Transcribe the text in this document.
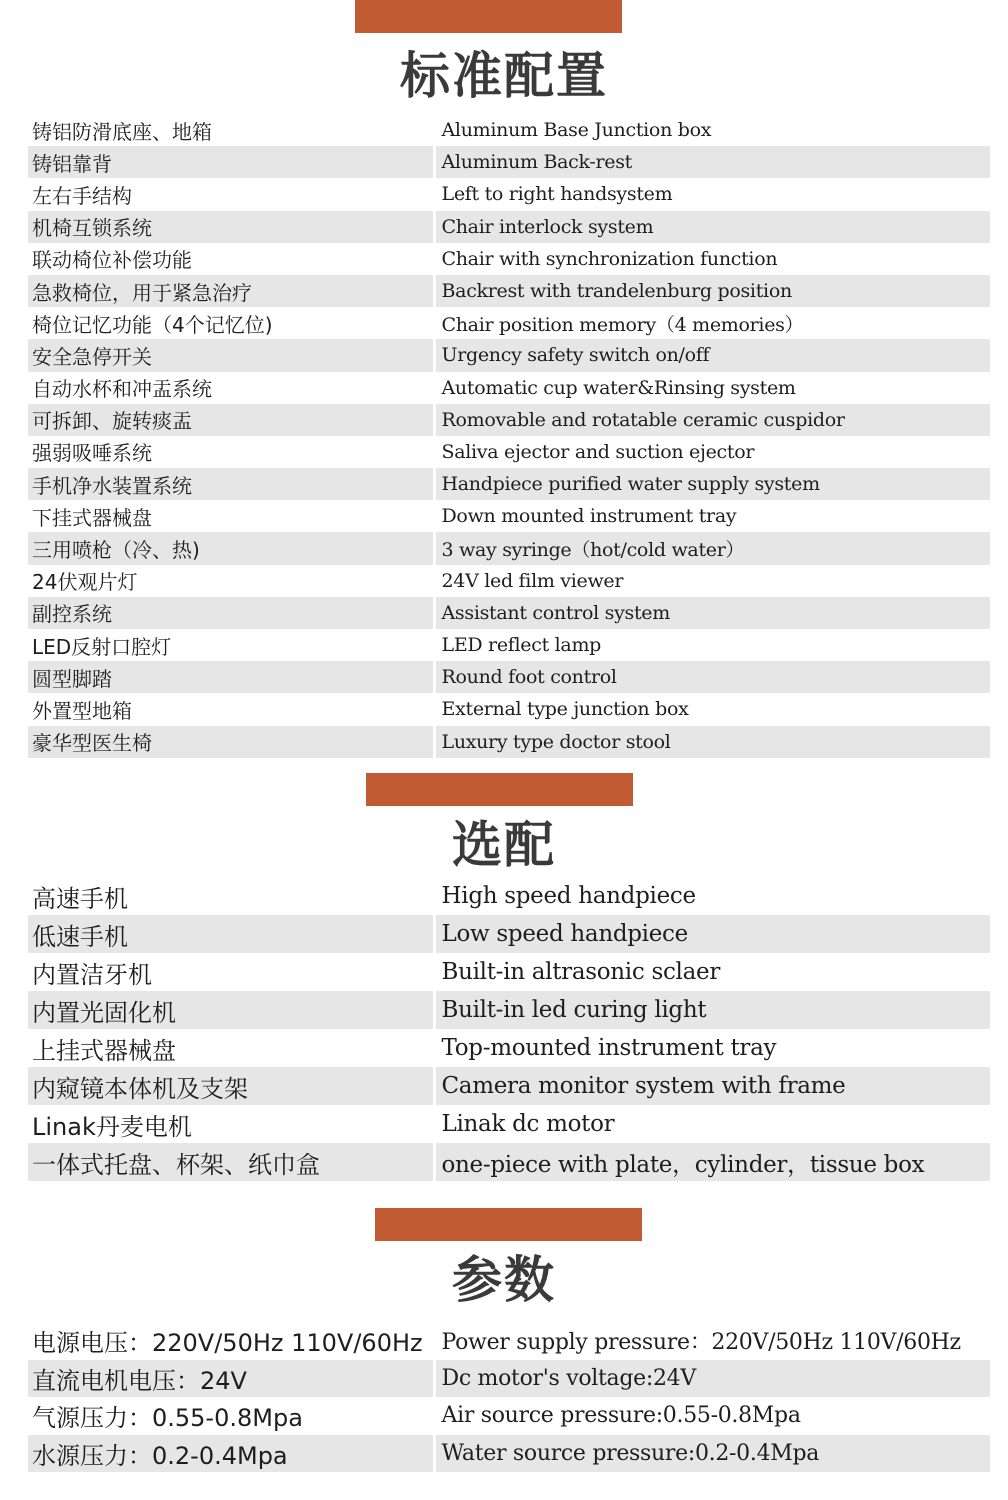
标准配置
铸铝防滑底座、地箱	Aluminum Base Junction box
铸铝靠背	Aluminum Back-rest
左右手结构	Left to right handsystem
机椅互锁系统	Chair interlock system
联动椅位补偿功能	Chair with synchronization function
急救椅位，用于紧急治疗	Backrest with trandelenburg position
椅位记忆功能（4个记忆位)	Chair position memory（4 memories）
安全急停开关	Urgency safety switch on/off
自动水杯和冲盂系统	Automatic cup water&Rinsing system
可拆卸、旋转痰盂	Romovable and rotatable ceramic cuspidor
强弱吸唾系统	Saliva ejector and suction ejector
手机净水装置系统	Handpiece purified water supply system
下挂式器械盘	Down mounted instrument tray
三用喷枪（冷、热)	3 way syringe（hot/cold water）
24伏观片灯	24V led film viewer
副控系统	Assistant control system
LED反射口腔灯	LED reflect lamp
圆型脚踏	Round foot control
外置型地箱	External type junction box
豪华型医生椅	Luxury type doctor stool
选配
高速手机	High speed handpiece
低速手机	Low speed handpiece
内置洁牙机	Built-in altrasonic sclaer
内置光固化机	Built-in led curing light
上挂式器械盘	Top-mounted instrument tray
内窥镜本体机及支架	Camera monitor system with frame
Linak丹麦电机	Linak dc motor
一体式托盘、杯架、纸巾盒	one-piece with plate，cylinder，tissue box
参数
电源电压：220V/50Hz 110V/60Hz	Power supply pressure：220V/50Hz 110V/60Hz
直流电机电压：24V	Dc motor's voltage:24V
气源压力：0.55-0.8Mpa	Air source pressure:0.55-0.8Mpa
水源压力：0.2-0.4Mpa	Water source pressure:0.2-0.4Mpa
